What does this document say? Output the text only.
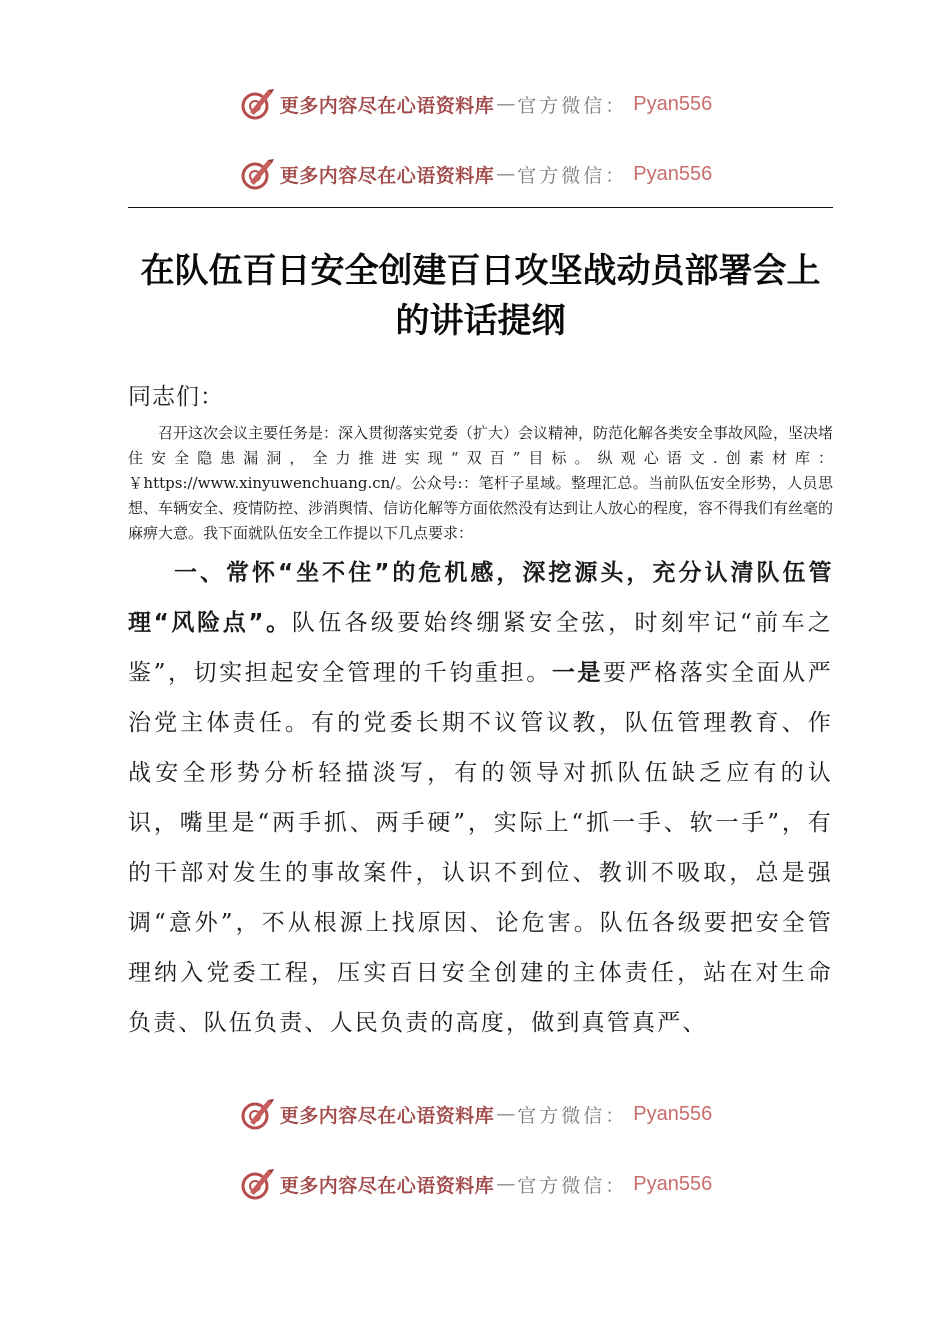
更多内容尽在心语资料库 — 官方微信： Pyan556
更多内容尽在心语资料库 — 官方微信： Pyan556
在队伍百日安全创建百日攻坚战动员部署会上的讲话提纲
同志们：

召开这次会议主要任务是：深入贯彻落实党委（扩大）会议精神，防范化解各类安全事故风险，坚决堵住安全隐患漏洞，全力推进实现“双百”目标。纵观心语文.创素材库：￥https://www.xinyuwenchuang.cn/。公众号:：笔杆子星域。整理汇总。当前队伍安全形势，人员思想、车辆安全、疫情防控、涉消舆情、信访化解等方面依然没有达到让人放心的程度，容不得我们有丝毫的麻痹大意。我下面就队伍安全工作提以下几点要求：

一、常怀“坐不住”的危机感，深挖源头，充分认清队伍管理“风险点”。队伍各级要始终绷紧安全弦，时刻牢记“前车之鉴”，切实担起安全管理的千钧重担。一是要严格落实全面从严治党主体责任。有的党委长期不议管议教，队伍管理教育、作战安全形势分析轻描淡写，有的领导对抓队伍缺乏应有的认识，嘴里是“两手抓、两手硬”，实际上“抓一手、软一手”，有的干部对发生的事故案件，认识不到位、教训不吸取，总是强调“意外”，不从根源上找原因、论危害。队伍各级要把安全管理纳入党委工程，压实百日安全创建的主体责任，站在对生命负责、队伍负责、人民负责的高度，做到真管真严、

更多内容尽在心语资料库 — 官方微信： Pyan556
更多内容尽在心语资料库 — 官方微信： Pyan556
